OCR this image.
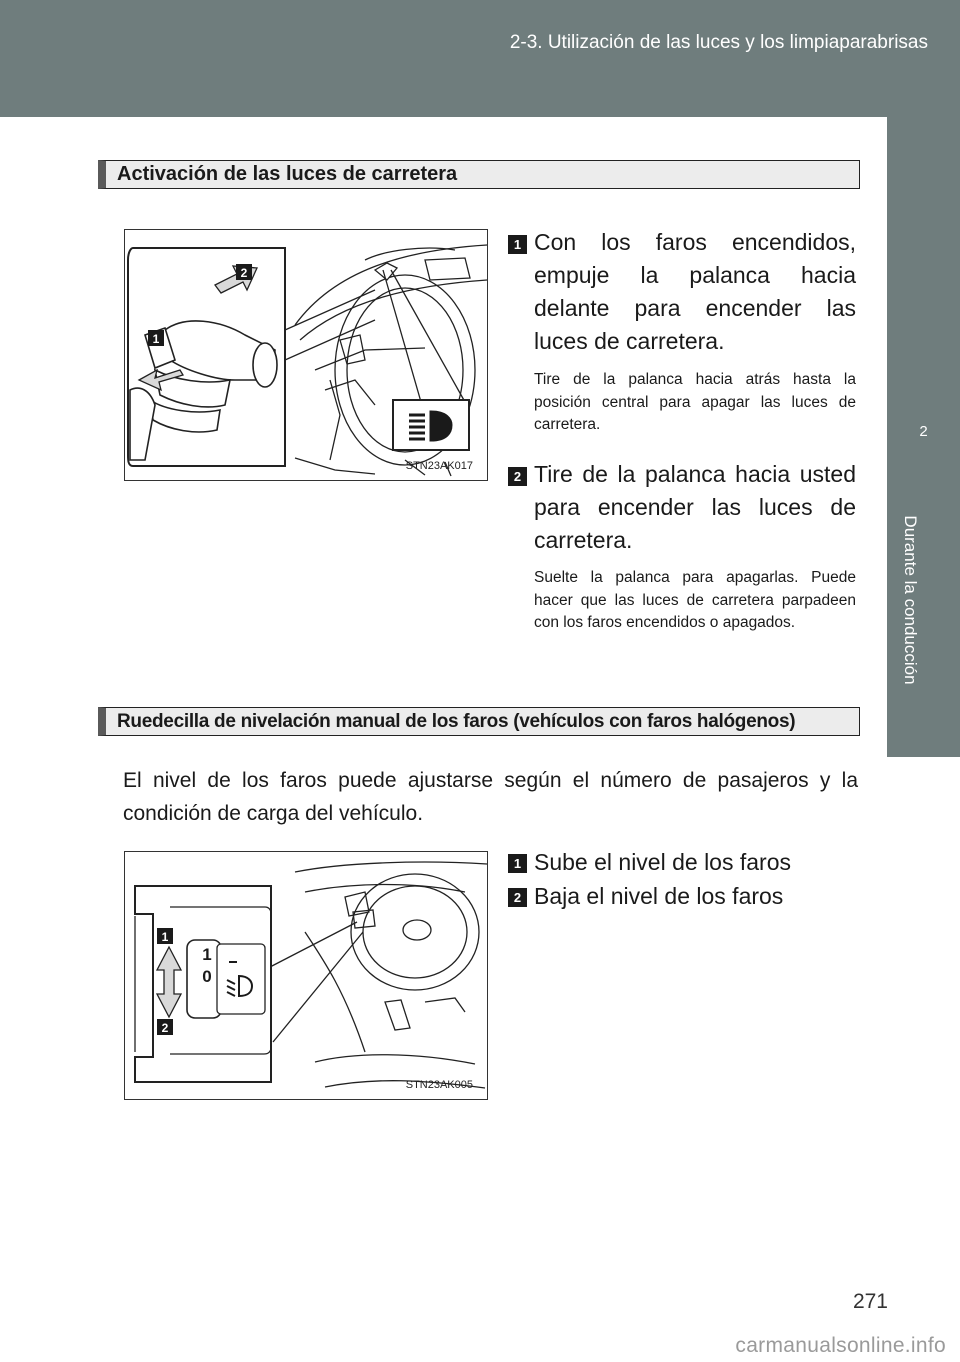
2-3. Utilización de las luces y los limpiaparabrisas
2
Durante la conducción
Activación de las luces de carretera
2
1
STN23AK017
1 Con los faros encendidos, empuje la palanca hacia delante para encender las luces de carretera.
Tire de la palanca hacia atrás hasta la posición central para apagar las luces de carretera.
2 Tire de la palanca hacia usted para encender las luces de carretera.
Suelte la palanca para apagarlas. Puede hacer que las luces de carretera parpadeen con los faros encendidos o apagados.
Ruedecilla de nivelación manual de los faros (vehículos con faros halógenos)
El nivel de los faros puede ajustarse según el número de pasajeros y la condición de carga del vehículo.
1
0
1
2
STN23AK005
1 Sube el nivel de los faros
2 Baja el nivel de los faros
271
carmanualsonline.info
